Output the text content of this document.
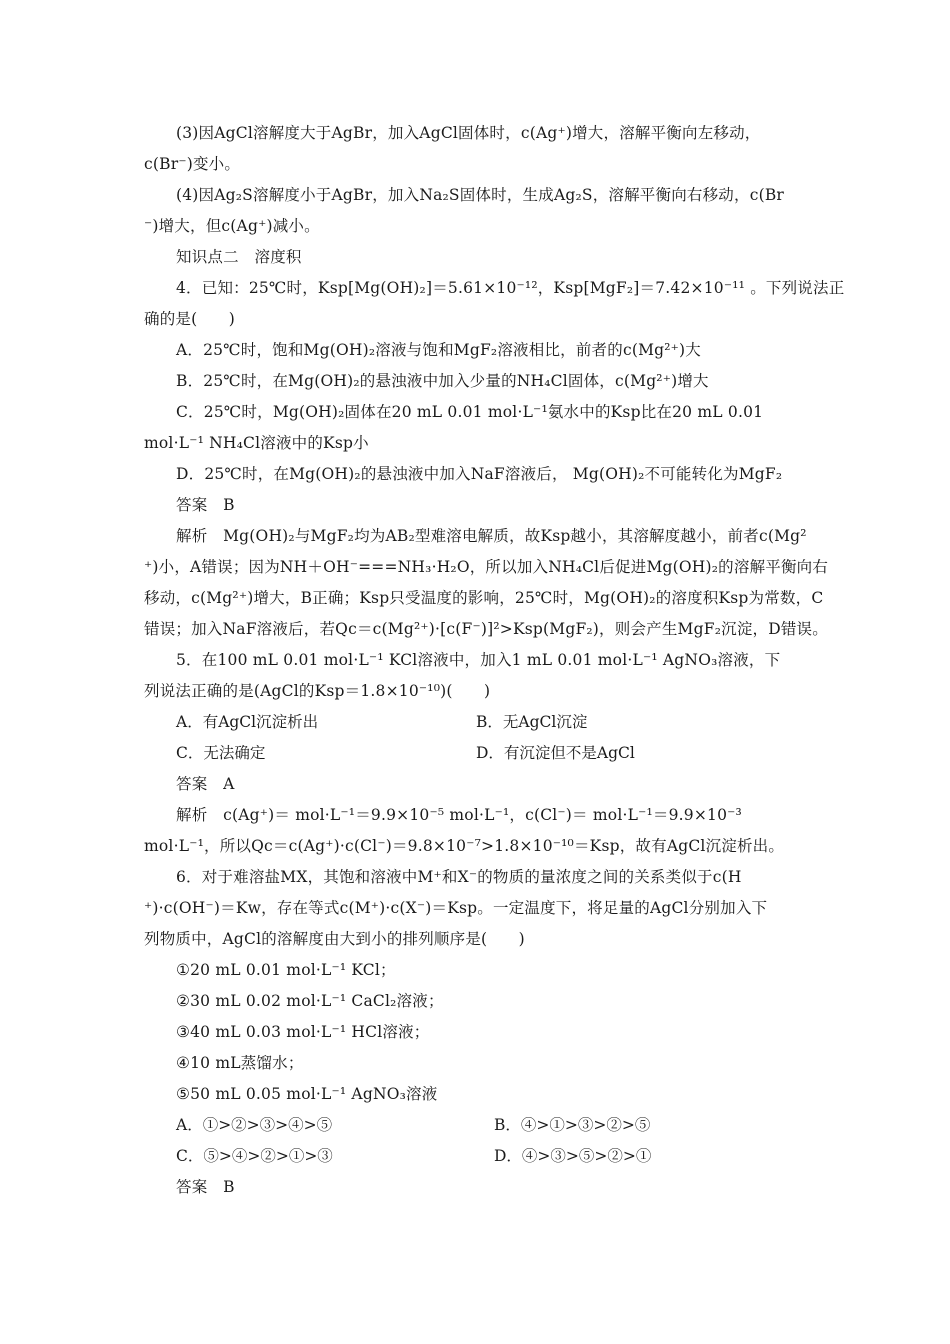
(3)因AgCl溶解度大于AgBr，加入AgCl固体时，c(Ag⁺)增大，溶解平衡向左移动，
c(Br⁻)变小。
(4)因Ag₂S溶解度小于AgBr，加入Na₂S固体时，生成Ag₂S，溶解平衡向右移动，c(Br
⁻)增大，但c(Ag⁺)减小。
知识点二　溶度积
4．已知：25℃时，Ksp[Mg(OH)₂]＝5.61×10⁻¹²，Ksp[MgF₂]＝7.42×10⁻¹¹ 。下列说法正
确的是(　　)
A．25℃时，饱和Mg(OH)₂溶液与饱和MgF₂溶液相比，前者的c(Mg²⁺)大
B．25℃时，在Mg(OH)₂的悬浊液中加入少量的NH₄Cl固体，c(Mg²⁺)增大
C．25℃时，Mg(OH)₂固体在20 mL 0.01 mol·L⁻¹氨水中的Ksp比在20 mL 0.01
mol·L⁻¹ NH₄Cl溶液中的Ksp小
D．25℃时，在Mg(OH)₂的悬浊液中加入NaF溶液后， Mg(OH)₂不可能转化为MgF₂
答案　B
解析　Mg(OH)₂与MgF₂均为AB₂型难溶电解质，故Ksp越小，其溶解度越小，前者c(Mg²
⁺)小，A错误；因为NH＋OH⁻===NH₃·H₂O，所以加入NH₄Cl后促进Mg(OH)₂的溶解平衡向右
移动，c(Mg²⁺)增大，B正确；Ksp只受温度的影响，25℃时，Mg(OH)₂的溶度积Ksp为常数，C
错误；加入NaF溶液后，若Qc＝c(Mg²⁺)·[c(F⁻)]²>Ksp(MgF₂)，则会产生MgF₂沉淀，D错误。
5．在100 mL 0.01 mol·L⁻¹ KCl溶液中，加入1 mL 0.01 mol·L⁻¹ AgNO₃溶液，下
列说法正确的是(AgCl的Ksp＝1.8×10⁻¹⁰)(　　)
A．有AgCl沉淀析出	B．无AgCl沉淀
C．无法确定	D．有沉淀但不是AgCl
答案　A
解析　c(Ag⁺)＝ mol·L⁻¹＝9.9×10⁻⁵ mol·L⁻¹，c(Cl⁻)＝ mol·L⁻¹＝9.9×10⁻³
mol·L⁻¹，所以Qc＝c(Ag⁺)·c(Cl⁻)＝9.8×10⁻⁷>1.8×10⁻¹⁰＝Ksp，故有AgCl沉淀析出。
6．对于难溶盐MX，其饱和溶液中M⁺和X⁻的物质的量浓度之间的关系类似于c(H
⁺)·c(OH⁻)＝Kw，存在等式c(M⁺)·c(X⁻)＝Ksp。一定温度下，将足量的AgCl分别加入下
列物质中，AgCl的溶解度由大到小的排列顺序是(　　)
①20 mL 0.01 mol·L⁻¹ KCl；
②30 mL 0.02 mol·L⁻¹ CaCl₂溶液；
③40 mL 0.03 mol·L⁻¹ HCl溶液；
④10 mL蒸馏水；
⑤50 mL 0.05 mol·L⁻¹ AgNO₃溶液
A．①>②>③>④>⑤	B．④>①>③>②>⑤
C．⑤>④>②>①>③	D．④>③>⑤>②>①
答案　B
